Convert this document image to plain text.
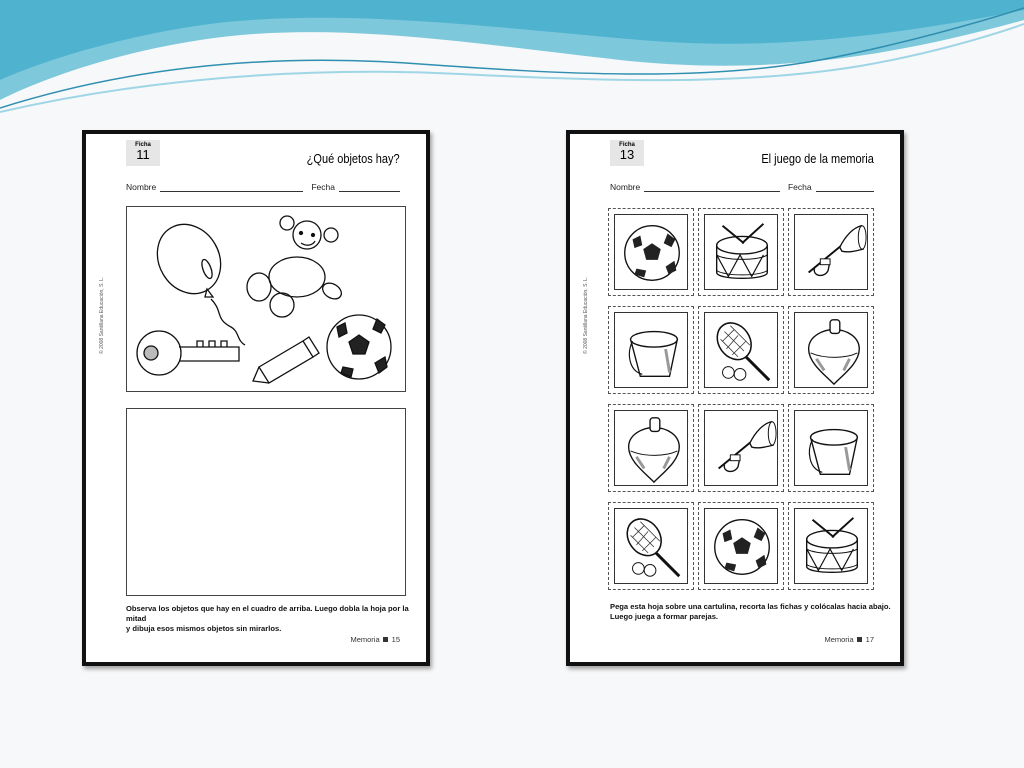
Ficha
11	¿Qué objetos hay?
Nombre	Fecha
© 2008 Santillana Educación, S. L.
Observa los objetos que hay en el cuadro de arriba. Luego dobla la hoja por la mitad
y dibuja esos mismos objetos sin mirarlos.
Memoria 15
Ficha
13	El juego de la memoria
Nombre	Fecha
© 2008 Santillana Educación, S. L.
Pega esta hoja sobre una cartulina, recorta las fichas y colócalas hacia abajo.
Luego juega a formar parejas.
Memoria 17
